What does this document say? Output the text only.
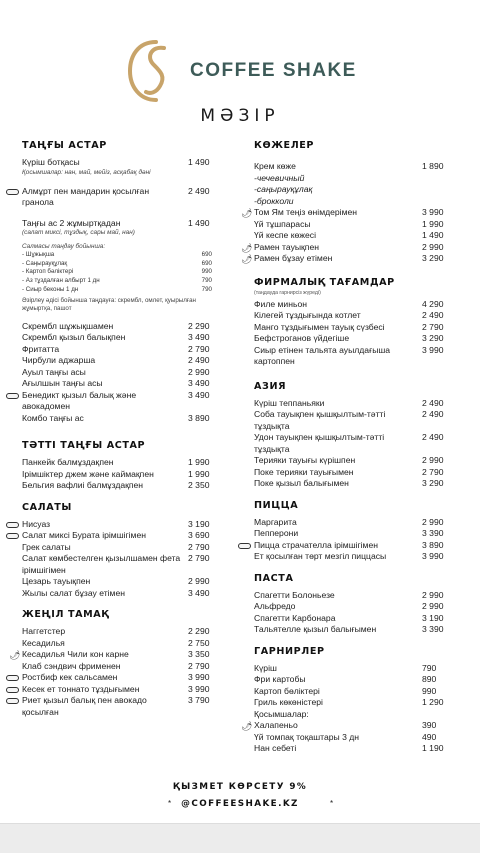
COFFEE SHAKE
МӘЗІР
ТАҢҒЫ АСТАР
Күріш ботқасы	1 490
Қосымшалар: нан, май, мейіз, асқабақ дәні
Алмұрт пен мандарин қосылған гранола
2 490
Таңғы ас 2 жұмыртқадан	1 490
(салат миксі, тұздық, сары май, нан)
Салмасы таңдау бойынша:
- Шұжықша	690
- Саңырауқұлақ	690
- Картоп бәліктері	990
- Аз тұздалған албырт 1 дн	790
- Сиыр беконы 1 дн	790
Әзірлеу әдісі бойынша таңдауға: скрембл, омлет, қуырылған жұмыртқа, пашот
Скрембл шұжықшамен	2 290
Скрембл қызыл балықпен	3 490
Фритатта	2 790
Чирбули аджарша	2 490
Ауыл таңғы асы	2 990
Ағылшын таңғы асы	3 490
Бенедикт қызыл балық және авокадомен
3 490
Комбо таңғы ас	3 890
ТӘТТІ ТАҢҒЫ АСТАР
Панкейк балмұздақпен	1 990
Ірімшіктер джем және каймақпен	1 990
Бельгия вафлиі балмұздақпен	2 350
САЛАТЫ
Нисуаз	3 190
Салат миксі Бурата ірімшігімен	3 690
Грек салаты	2 790
Салат көмбестелген қызылшамен фета ірімшігімен
2 790
Цезарь тауықпен	2 990
Жылы салат бұзау етімен	3 490
ЖЕҢІЛ ТАМАҚ
Наггетстер	2 290
Кесадилья	2 750
🌶︎ Кесадилья Чили кон карне	3 350
Клаб сэндвич фрименен	2 790
Ростбиф кек сальсамен	3 990
Кесек ет тоннато тұздығымен	3 990
Риет қызыл балық пен авокадо қосылған
3 790
КӨЖЕЛЕР
Крем көже	1 890
-чечевичный
-саңырауқұлақ
-брокколи
🌶︎ Том Ям теңіз өнімдерімен	3 990
Үй тұшпарасы	1 990
Үй кеспе көжесі	1 490
🌶︎ Рамен тауықпен	2 990
🌶︎ Рамен бұзау етімен	3 290
ФИРМАЛЫҚ ТАҒАМДАР
(таңдауда гарнирсіз жүреді)
Филе миньон	4 290
Кілегей тұздығында котлет	2 490
Манго тұздығымен тауық сүзбесі	2 790
Бефстроганов үйдегіше	3 290
Сиыр етінен тальята ауылдағыша картоппен
3 990
АЗИЯ
Күріш теппаньяки	2 490
Соба тауықпен қышқылтым-тәтті тұздықта
2 490
Удон тауықпен қышқылтым-тәтті тұздықта
2 490
Терияки тауығы күрішпен	2 990
Поке терияки тауығымен	2 790
Поке қызыл балығымен	3 290
ПИЦЦА
Маргарита	2 990
Пепперони	3 390
Пицца страчателла ірімшігімен	3 890
Ет қосылған төрт мезгіл пиццасы	3 990
ПАСТА
Спагетти Болоньезе	2 990
Альфредо	2 990
Спагетти Карбонара	3 190
Тальятелле қызыл балығымен	3 390
ГАРНИРЛЕР
Күріш	790
Фри картобы	890
Картоп бөліктері	990
Гриль көкөністері	1 290
Қосымшалар:
🌶︎ Халапеньо	390
Үй томпақ тоқаштары 3 дн	490
Нан себеті	1 190
ҚЫЗМЕТ КӨРСЕТУ 9%
*	@COFFEESHAKE.KZ	*
